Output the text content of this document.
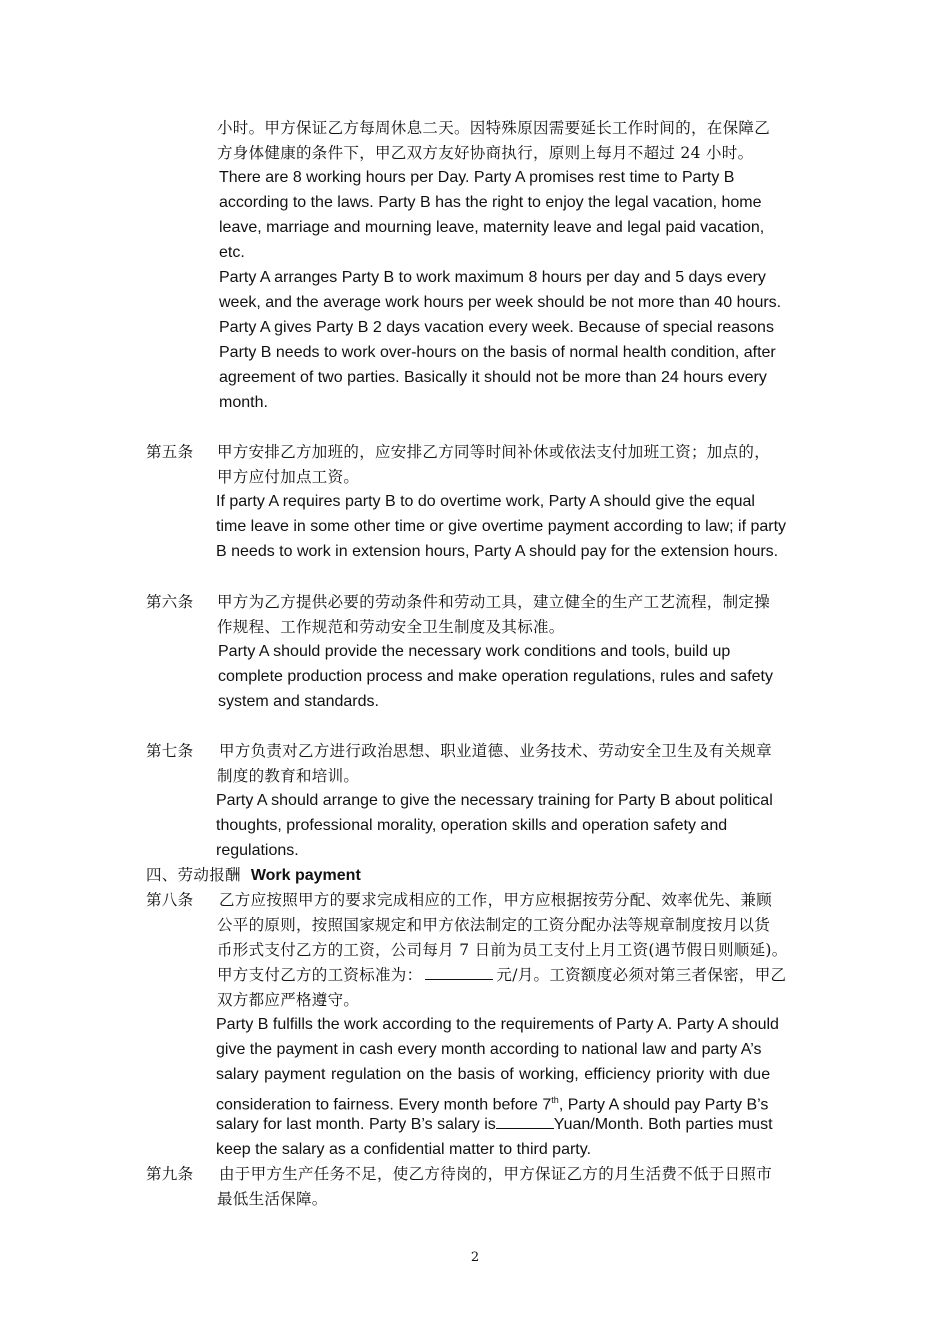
小时。甲方保证乙方每周休息二天。因特殊原因需要延长工作时间的，在保障乙
方身体健康的条件下，甲乙双方友好协商执行，原则上每月不超过 24 小时。
There are 8 working hours per Day. Party A promises rest time to Party B
according to the laws. Party B has the right to enjoy the legal vacation, home
leave, marriage and mourning leave, maternity leave and legal paid vacation,
etc.
Party A arranges Party B to work maximum 8 hours per day and 5 days every
week, and the average work hours per week should be not more than 40 hours.
Party A gives Party B 2 days vacation every week. Because of special reasons
Party B needs to work over-hours on the basis of normal health condition, after
agreement of two parties. Basically it should not be more than 24 hours every
month.
第五条 甲方安排乙方加班的，应安排乙方同等时间补休或依法支付加班工资；加点的，
甲方应付加点工资。
If party A requires party B to do overtime work, Party A should give the equal
time leave in some other time or give overtime payment according to law; if party
B needs to work in extension hours, Party A should pay for the extension hours.
第六条 甲方为乙方提供必要的劳动条件和劳动工具，建立健全的生产工艺流程，制定操
作规程、工作规范和劳动安全卫生制度及其标准。
Party A should provide the necessary work conditions and tools, build up
complete production process and make operation regulations, rules and safety
system and standards.
第七条 甲方负责对乙方进行政治思想、职业道德、业务技术、劳动安全卫生及有关规章
制度的教育和培训。
Party A should arrange to give the necessary training for Party B about political
thoughts, professional morality, operation skills and operation safety and
regulations.
四、劳动报酬 Work payment
第八条 乙方应按照甲方的要求完成相应的工作，甲方应根据按劳分配、效率优先、兼顾
公平的原则，按照国家规定和甲方依法制定的工资分配办法等规章制度按月以货
币形式支付乙方的工资，公司每月 7 日前为员工支付上月工资(遇节假日则顺延)。
甲方支付乙方的工资标准为：	元/月。工资额度必须对第三者保密，甲乙
双方都应严格遵守。
Party B fulfills the work according to the requirements of Party A. Party A should
give the payment in cash every month according to national law and party A’s
salary payment regulation on the basis of working, efficiency priority with due
consideration to fairness. Every month before 7th, Party A should pay Party B’s
salary for last month. Party B’s salary is	Yuan/Month. Both parties must
keep the salary as a confidential matter to third party.
第九条 由于甲方生产任务不足，使乙方待岗的，甲方保证乙方的月生活费不低于日照市
最低生活保障。
2
